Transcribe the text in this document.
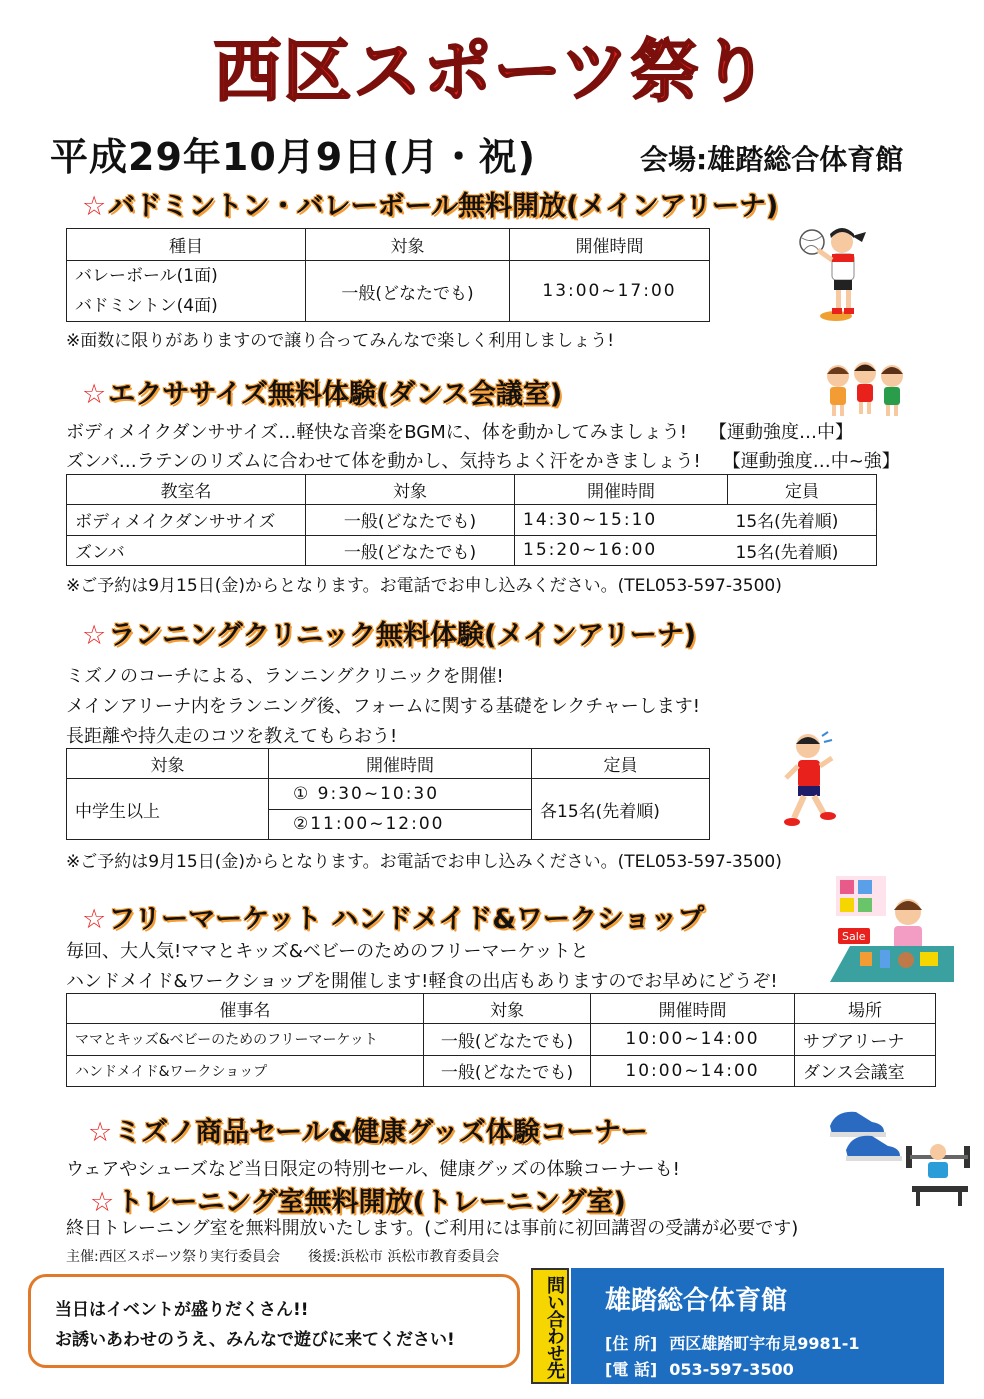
西区スポーツ祭り
平成29年10月9日(月・祝)	会場:雄踏総合体育館
☆バドミントン・バレーボール無料開放(メインアリーナ)
種目	対象	開催時間

バレーボール(1面)
バドミントン(4面)	一般(どなたでも)	13:00~17:00
※面数に限りがありますので譲り合ってみんなで楽しく利用しましょう!
☆エクササイズ無料体験(ダンス会議室)
ボディメイクダンササイズ…軽快な音楽をBGMに、体を動かしてみましょう! 【運動強度…中】
ズンバ…ラテンのリズムに合わせて体を動かし、気持ちよく汗をかきましょう! 【運動強度…中~強】
教室名	対象	開催時間	定員
ボディメイクダンササイズ	一般(どなたでも)	14:30~15:10	15名(先着順)
ズンバ	一般(どなたでも)	15:20~16:00	15名(先着順)
※ご予約は9月15日(金)からとなります。お電話でお申し込みください。(TEL053-597-3500)
☆ランニングクリニック無料体験(メインアリーナ)
ミズノのコーチによる、ランニングクリニックを開催!
メインアリーナ内をランニング後、フォームに関する基礎をレクチャーします!
長距離や持久走のコツを教えてもらおう!
対象	開催時間	定員
中学生以上	① 9:30~10:30	各15名(先着順)
	②11:00~12:00	
※ご予約は9月15日(金)からとなります。お電話でお申し込みください。(TEL053-597-3500)
☆フリーマーケット ハンドメイド&ワークショップ
毎回、大人気!ママとキッズ&ベビーのためのフリーマーケットと
ハンドメイド&ワークショップを開催します!軽食の出店もありますのでお早めにどうぞ!
催事名	対象	開催時間	場所
ママとキッズ&ベビーのためのフリーマーケット	一般(どなたでも)	10:00~14:00	サブアリーナ
ハンドメイド&ワークショップ	一般(どなたでも)	10:00~14:00	ダンス会議室
Sale
☆ミズノ商品セール&健康グッズ体験コーナー
ウェアやシューズなど当日限定の特別セール、健康グッズの体験コーナーも!
☆トレーニング室無料開放(トレーニング室)
終日トレーニング室を無料開放いたします。(ご利用には事前に初回講習の受講が必要です)
主催:西区スポーツ祭り実行委員会 後援:浜松市 浜松市教育委員会
当日はイベントが盛りだくさん!!
お誘いあわせのうえ、みんなで遊びに来てください!	問い合わせ先 雄踏総合体育館
[住 所] 西区雄踏町宇布見9981-1
[電 話] 053-597-3500
